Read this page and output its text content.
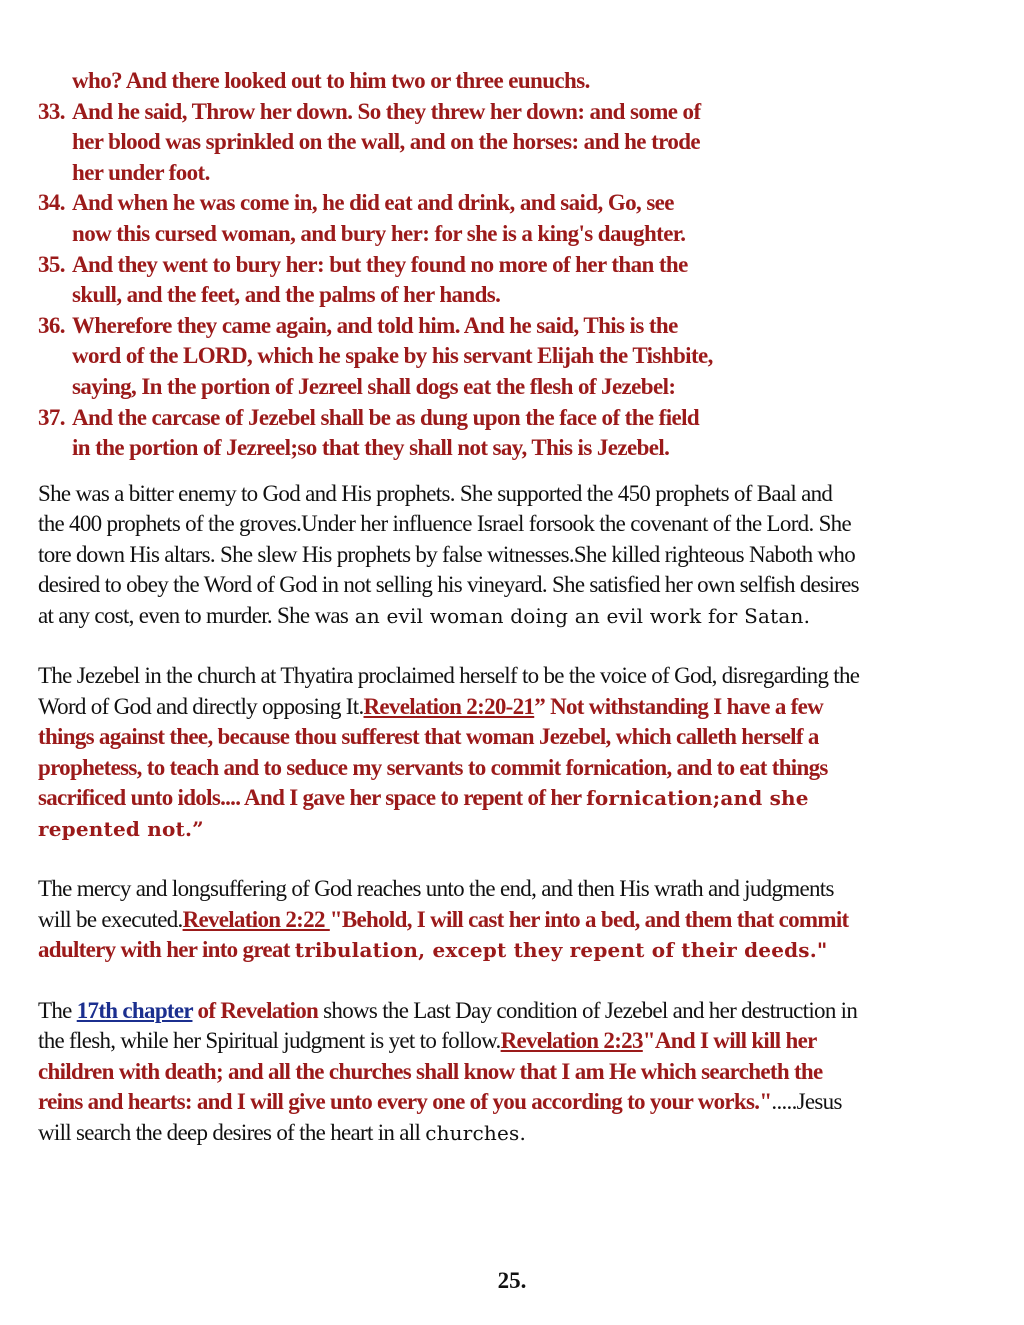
who? And there looked out to him two or three eunuchs.
33. And he said, Throw her down. So they threw her down: and some of
her blood was sprinkled on the wall, and on the horses: and he trode
her under foot.
34. And when he was come in, he did eat and drink, and said, Go, see
now this cursed woman, and bury her: for she is a king's daughter.
35. And they went to bury her: but they found no more of her than the
skull, and the feet, and the palms of her hands.
36. Wherefore they came again, and told him. And he said, This is the
word of the LORD, which he spake by his servant Elijah the Tishbite,
saying, In the portion of Jezreel shall dogs eat the flesh of Jezebel:
37. And the carcase of Jezebel shall be as dung upon the face of the field
in the portion of Jezreel;so that they shall not say, This is Jezebel.
She was a bitter enemy to God and His prophets. She supported the 450 prophets of Baal and
the 400 prophets of the groves.Under her influence Israel forsook the covenant of the Lord. She
tore down His altars. She slew His prophets by false witnesses.She killed righteous Naboth who
desired to obey the Word of God in not selling his vineyard. She satisfied her own selfish desires
at any cost, even to murder. She was an evil woman doing an evil work for Satan.
The Jezebel in the church at Thyatira proclaimed herself to be the voice of God, disregarding the
Word of God and directly opposing It.Revelation 2:20-21” Not withstanding I have a few
things against thee, because thou sufferest that woman Jezebel, which calleth herself a
prophetess, to teach and to seduce my servants to commit fornication, and to eat things
sacrificed unto idols.... And I gave her space to repent of her fornication;and she
repented not.”
The mercy and longsuffering of God reaches unto the end, and then His wrath and judgments
will be executed.Revelation 2:22 "Behold, I will cast her into a bed, and them that commit
adultery with her into great tribulation, except they repent of their deeds."
The 17th chapter of Revelation shows the Last Day condition of Jezebel and her destruction in
the flesh, while her Spiritual judgment is yet to follow.Revelation 2:23"And I will kill her
children with death; and all the churches shall know that I am He which searcheth the
reins and hearts: and I will give unto every one of you according to your works.".....Jesus
will search the deep desires of the heart in all churches.
25.
